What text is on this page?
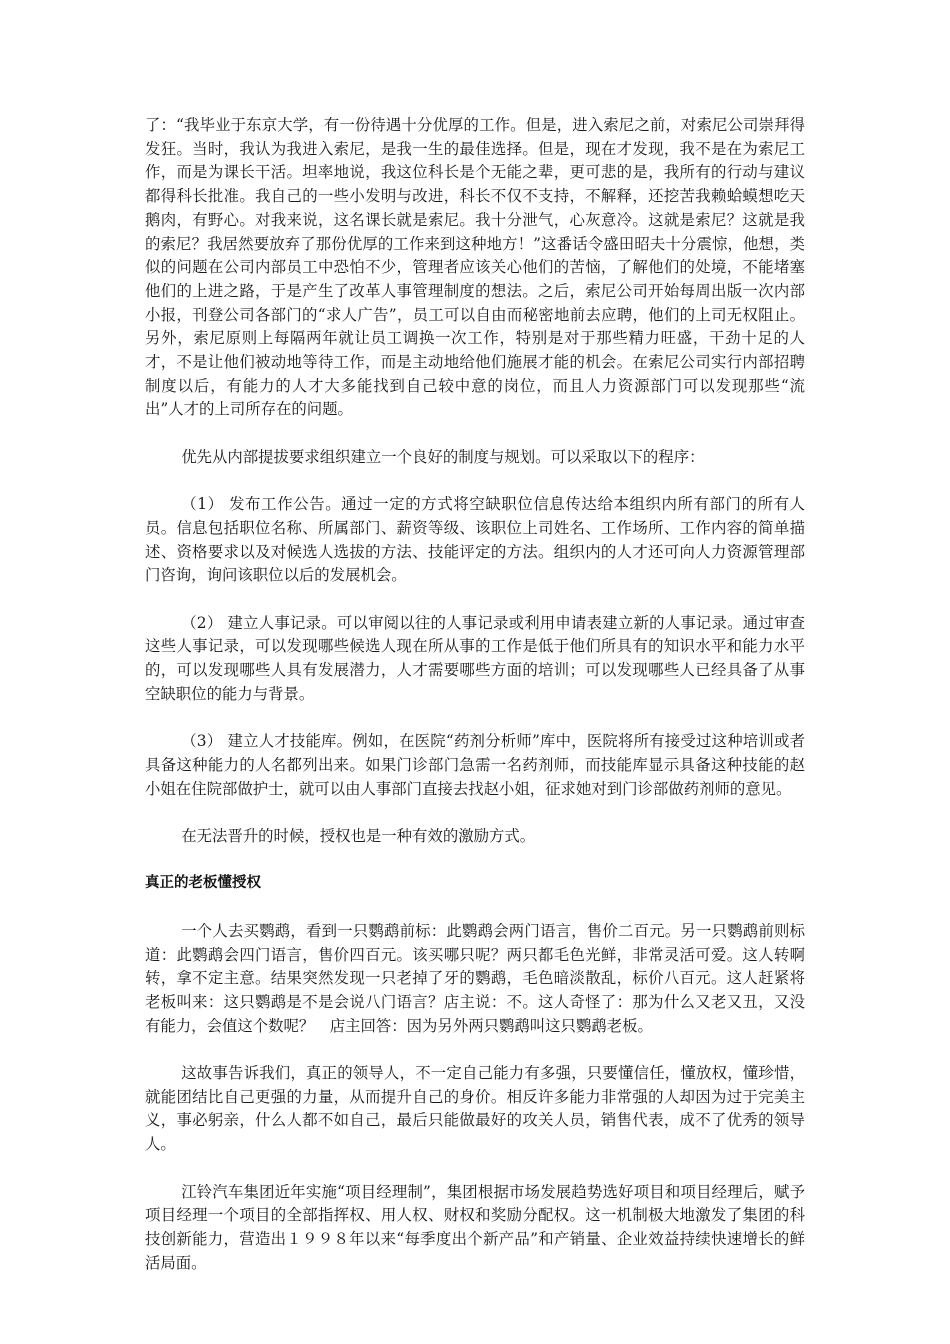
了：“我毕业于东京大学，有一份待遇十分优厚的工作。但是，进入索尼之前，对索尼公司崇拜得发狂。当时，我认为我进入索尼，是我一生的最佳选择。但是，现在才发现，我不是在为索尼工作，而是为课长干活。坦率地说，我这位科长是个无能之辈，更可悲的是，我所有的行动与建议都得科长批准。我自己的一些小发明与改进，科长不仅不支持，不解释，还挖苦我赖蛤蟆想吃天鹅肉，有野心。对我来说，这名课长就是索尼。我十分泄气，心灰意冷。这就是索尼？这就是我的索尼？我居然要放弃了那份优厚的工作来到这种地方！”这番话令盛田昭夫十分震惊，他想，类似的问题在公司内部员工中恐怕不少，管理者应该关心他们的苦恼，了解他们的处境，不能堵塞他们的上进之路，于是产生了改革人事管理制度的想法。之后，索尼公司开始每周出版一次内部小报，刊登公司各部门的“求人广告”，员工可以自由而秘密地前去应聘，他们的上司无权阻止。另外，索尼原则上每隔两年就让员工调换一次工作，特别是对于那些精力旺盛，干劲十足的人才，不是让他们被动地等待工作，而是主动地给他们施展才能的机会。在索尼公司实行内部招聘制度以后，有能力的人才大多能找到自己较中意的岗位，而且人力资源部门可以发现那些“流出”人才的上司所存在的问题。

优先从内部提拔要求组织建立一个良好的制度与规划。可以采取以下的程序：

（1） 发布工作公告。通过一定的方式将空缺职位信息传达给本组织内所有部门的所有人员。信息包括职位名称、所属部门、薪资等级、该职位上司姓名、工作场所、工作内容的简单描述、资格要求以及对候选人选拔的方法、技能评定的方法。组织内的人才还可向人力资源管理部门咨询，询问该职位以后的发展机会。

（2） 建立人事记录。可以审阅以往的人事记录或利用申请表建立新的人事记录。通过审查这些人事记录，可以发现哪些候选人现在所从事的工作是低于他们所具有的知识水平和能力水平的，可以发现哪些人具有发展潜力，人才需要哪些方面的培训；可以发现哪些人已经具备了从事空缺职位的能力与背景。

（3） 建立人才技能库。例如，在医院“药剂分析师”库中，医院将所有接受过这种培训或者具备这种能力的人名都列出来。如果门诊部门急需一名药剂师，而技能库显示具备这种技能的赵小姐在住院部做护士，就可以由人事部门直接去找赵小姐，征求她对到门诊部做药剂师的意见。

在无法晋升的时候，授权也是一种有效的激励方式。

真正的老板懂授权

一个人去买鹦鹉，看到一只鹦鹉前标：此鹦鹉会两门语言，售价二百元。另一只鹦鹉前则标道：此鹦鹉会四门语言，售价四百元。该买哪只呢？两只都毛色光鲜，非常灵活可爱。这人转啊转，拿不定主意。结果突然发现一只老掉了牙的鹦鹉，毛色暗淡散乱，标价八百元。这人赶紧将老板叫来：这只鹦鹉是不是会说八门语言？店主说：不。这人奇怪了：那为什么又老又丑，又没有能力，会值这个数呢？　店主回答：因为另外两只鹦鹉叫这只鹦鹉老板。

这故事告诉我们，真正的领导人，不一定自己能力有多强，只要懂信任，懂放权，懂珍惜，就能团结比自己更强的力量，从而提升自己的身价。相反许多能力非常强的人却因为过于完美主义，事必躬亲，什么人都不如自己，最后只能做最好的攻关人员，销售代表，成不了优秀的领导人。

江铃汽车集团近年实施“项目经理制”，集团根据市场发展趋势选好项目和项目经理后，赋予项目经理一个项目的全部指挥权、用人权、财权和奖励分配权。这一机制极大地激发了集团的科技创新能力，营造出１９９８年以来“每季度出个新产品”和产销量、企业效益持续快速增长的鲜活局面。
